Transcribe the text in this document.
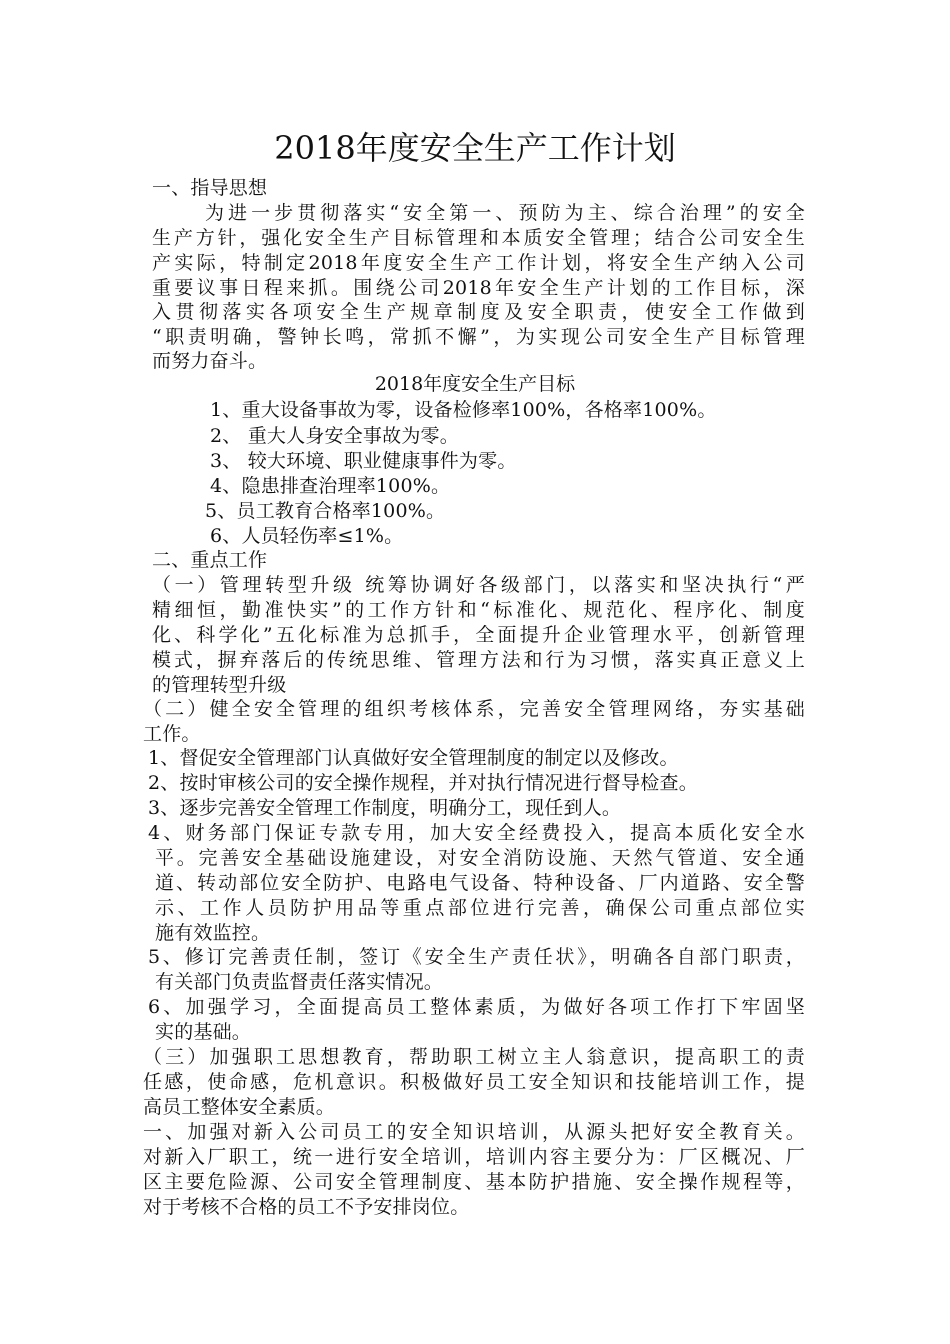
2018年度安全生产工作计划
一、指导思想
为进一步贯彻落实“安全第一、预防为主、综合治理”的安全
生产方针，强化安全生产目标管理和本质安全管理；结合公司安全生
产实际，特制定2018年度安全生产工作计划，将安全生产纳入公司
重要议事日程来抓。围绕公司2018年安全生产计划的工作目标，深
入贯彻落实各项安全生产规章制度及安全职责，使安全工作做到
“职责明确，警钟长鸣，常抓不懈”，为实现公司安全生产目标管理
而努力奋斗。
2018年度安全生产目标
1、重大设备事故为零，设备检修率100%，各格率100%。
2、 重大人身安全事故为零。
3、 较大环境、职业健康事件为零。
4、隐患排查治理率100%。
5、员工教育合格率100%。
6、人员轻伤率≤1%。
二、重点工作
（一）管理转型升级 统筹协调好各级部门，以落实和坚决执行“严
精细恒，勤准快实”的工作方针和“标准化、规范化、程序化、制度
化、科学化”五化标准为总抓手，全面提升企业管理水平，创新管理
模式，摒弃落后的传统思维、管理方法和行为习惯，落实真正意义上
的管理转型升级
（二）健全安全管理的组织考核体系，完善安全管理网络，夯实基础
工作。
1、督促安全管理部门认真做好安全管理制度的制定以及修改。
2、按时审核公司的安全操作规程，并对执行情况进行督导检查。
3、逐步完善安全管理工作制度，明确分工，现任到人。
4、财务部门保证专款专用，加大安全经费投入，提高本质化安全水
平。完善安全基础设施建设，对安全消防设施、天然气管道、安全通
道、转动部位安全防护、电路电气设备、特种设备、厂内道路、安全警
示、工作人员防护用品等重点部位进行完善，确保公司重点部位实
施有效监控。
5、修订完善责任制，签订《安全生产责任状》，明确各自部门职责，
有关部门负责监督责任落实情况。
6、加强学习，全面提高员工整体素质，为做好各项工作打下牢固坚
实的基础。
（三）加强职工思想教育，帮助职工树立主人翁意识，提高职工的责
任感，使命感，危机意识。积极做好员工安全知识和技能培训工作，提
高员工整体安全素质。
一、加强对新入公司员工的安全知识培训，从源头把好安全教育关。
对新入厂职工，统一进行安全培训，培训内容主要分为：厂区概况、厂
区主要危险源、公司安全管理制度、基本防护措施、安全操作规程等，
对于考核不合格的员工不予安排岗位。
